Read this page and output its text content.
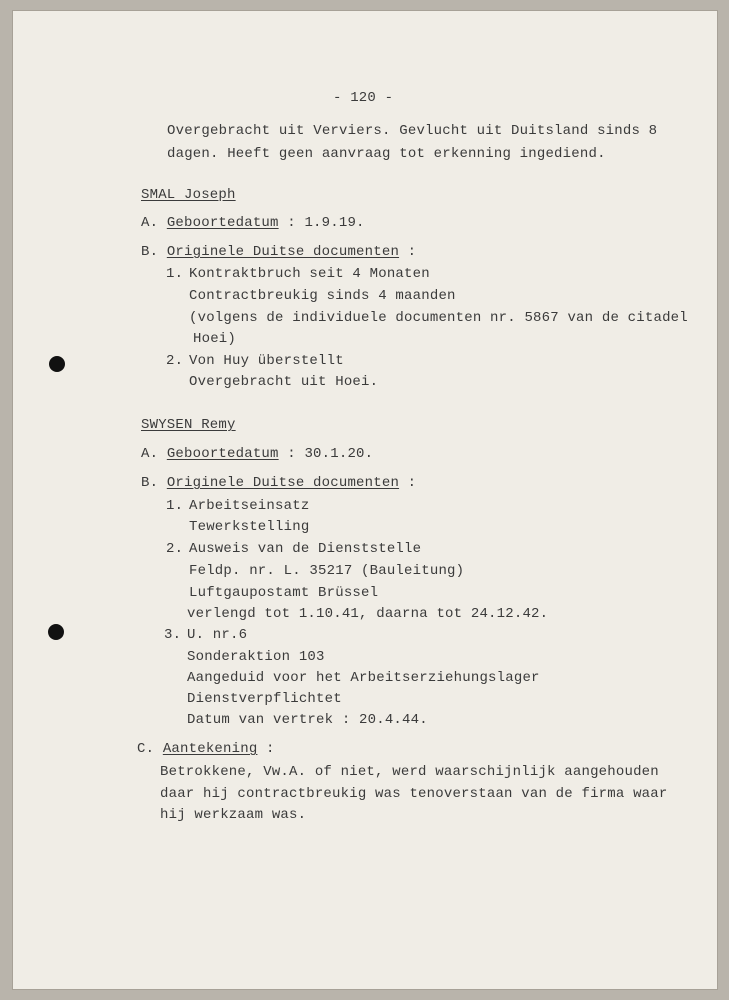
- 120 -
Overgebracht uit Verviers. Gevlucht uit Duitsland sinds 8
dagen. Heeft geen aanvraag tot erkenning ingediend.
SMAL Joseph
A. Geboortedatum : 1.9.19.
B. Originele Duitse documenten :
1. Kontraktbruch seit 4 Monaten
Contractbreukig sinds 4 maanden
(volgens de individuele documenten nr. 5867 van de citadel
Hoei)
2. Von Huy überstellt
Overgebracht uit Hoei.
SWYSEN Remy
A. Geboortedatum : 30.1.20.
B. Originele Duitse documenten :
1. Arbeitseinsatz
Tewerkstelling
2. Ausweis van de Dienststelle
Feldp. nr. L. 35217 (Bauleitung)
Luftgaupostamt Brüssel
verlengd tot 1.10.41, daarna tot 24.12.42.
3. U. nr.6
Sonderaktion 103
Aangeduid voor het Arbeitserziehungslager
Dienstverpflichtet
Datum van vertrek : 20.4.44.
C. Aantekening :
Betrokkene, Vw.A. of niet, werd waarschijnlijk aangehouden
daar hij contractbreukig was tenoverstaan van de firma waar
hij werkzaam was.
